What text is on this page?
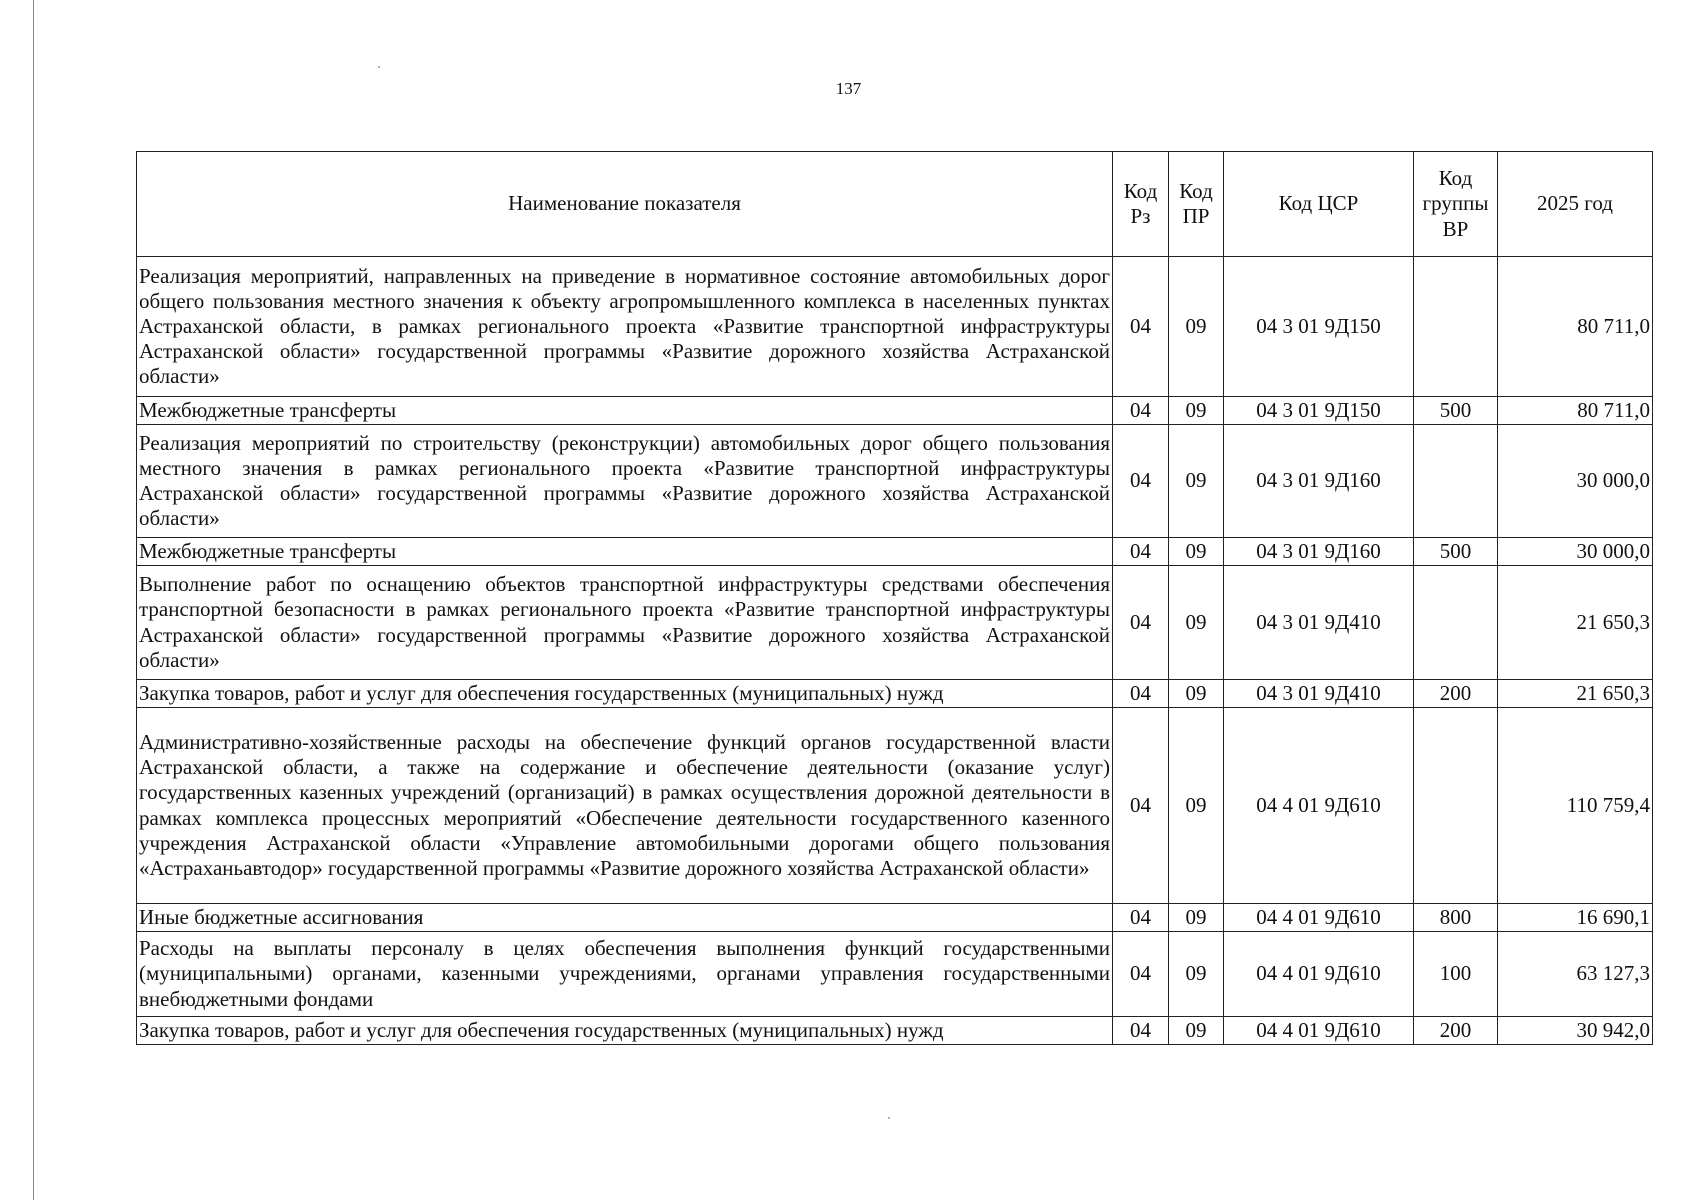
137
Наименование показателя	Код Рз	Код ПР	Код ЦСР	Код группы ВР	2025 год
Реализация мероприятий, направленных на приведение в нормативное состояние автомобильных дорог общего пользования местного значения к объекту агропромышленного комплекса в населенных пунктах Астраханской области, в рамках регионального проекта «Развитие транспортной инфраструктуры Астраханской области» государственной программы «Развитие дорожного хозяйства Астраханской области»	04	09	04 3 01 9Д150		80 711,0
Межбюджетные трансферты	04	09	04 3 01 9Д150	500	80 711,0
Реализация мероприятий по строительству (реконструкции) автомобильных дорог общего пользования местного значения в рамках регионального проекта «Развитие транспортной инфраструктуры Астраханской области» государственной программы «Развитие дорожного хозяйства Астраханской области»	04	09	04 3 01 9Д160		30 000,0
Межбюджетные трансферты	04	09	04 3 01 9Д160	500	30 000,0
Выполнение работ по оснащению объектов транспортной инфраструктуры средствами обеспечения транспортной безопасности в рамках регионального проекта «Развитие транспортной инфраструктуры Астраханской области» государственной программы «Развитие дорожного хозяйства Астраханской области»	04	09	04 3 01 9Д410		21 650,3
Закупка товаров, работ и услуг для обеспечения государственных (муниципальных) нужд	04	09	04 3 01 9Д410	200	21 650,3
Административно-хозяйственные расходы на обеспечение функций органов государственной власти Астраханской области, а также на содержание и обеспечение деятельности (оказание услуг) государственных казенных учреждений (организаций) в рамках осуществления дорожной деятельности в рамках комплекса процессных мероприятий «Обеспечение деятельности государственного казенного учреждения Астраханской области «Управление автомобильными дорогами общего пользования «Астраханьавтодор» государственной программы «Развитие дорожного хозяйства Астраханской области»	04	09	04 4 01 9Д610		110 759,4
Иные бюджетные ассигнования	04	09	04 4 01 9Д610	800	16 690,1
Расходы на выплаты персоналу в целях обеспечения выполнения функций государственными (муниципальными) органами, казенными учреждениями, органами управления государственными внебюджетными фондами	04	09	04 4 01 9Д610	100	63 127,3
Закупка товаров, работ и услуг для обеспечения государственных (муниципальных) нужд	04	09	04 4 01 9Д610	200	30 942,0
